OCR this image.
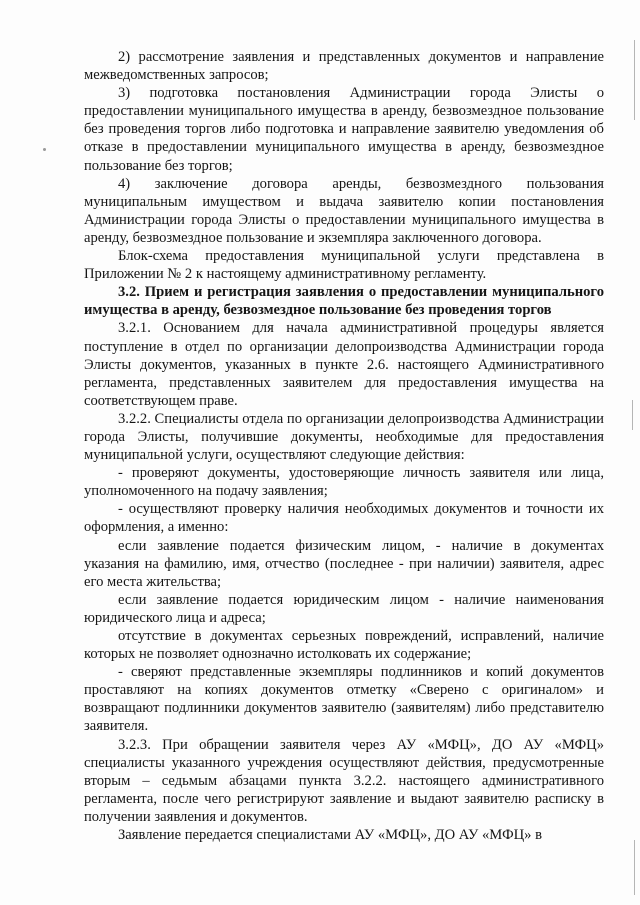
2) рассмотрение заявления и представленных документов и направление межведомственных запросов;

3) подготовка постановления Администрации города Элисты о предоставлении муниципального имущества в аренду, безвозмездное пользование без проведения торгов либо подготовка и направление заявителю уведомления об отказе в предоставлении муниципального имущества в аренду, безвозмездное пользование без торгов;

4) заключение договора аренды, безвозмездного пользования муниципальным имуществом и выдача заявителю копии постановления Администрации города Элисты о предоставлении муниципального имущества в аренду, безвозмездное пользование и экземпляра заключенного договора.

Блок-схема предоставления муниципальной услуги представлена в Приложении № 2 к настоящему административному регламенту.

3.2. Прием и регистрация заявления о предоставлении муниципального имущества в аренду, безвозмездное пользование без проведения торгов

3.2.1. Основанием для начала административной процедуры является поступление в отдел по организации делопроизводства Администрации города Элисты документов, указанных в пункте 2.6. настоящего Административного регламента, представленных заявителем для предоставления имущества на соответствующем праве.

3.2.2. Специалисты отдела по организации делопроизводства Администрации города Элисты, получившие документы, необходимые для предоставления муниципальной услуги, осуществляют следующие действия:

- проверяют документы, удостоверяющие личность заявителя или лица, уполномоченного на подачу заявления;

- осуществляют проверку наличия необходимых документов и точности их оформления, а именно:

если заявление подается физическим лицом, - наличие в документах указания на фамилию, имя, отчество (последнее - при наличии) заявителя, адрес его места жительства;

если заявление подается юридическим лицом - наличие наименования юридического лица и адреса;

отсутствие в документах серьезных повреждений, исправлений, наличие которых не позволяет однозначно истолковать их содержание;

- сверяют представленные экземпляры подлинников и копий документов проставляют на копиях документов отметку «Сверено с оригиналом» и возвращают подлинники документов заявителю (заявителям) либо представителю заявителя.

3.2.3. При обращении заявителя через АУ «МФЦ», ДО АУ «МФЦ» специалисты указанного учреждения осуществляют действия, предусмотренные вторым – седьмым абзацами пункта 3.2.2. настоящего административного регламента, после чего регистрируют заявление и выдают заявителю расписку в получении заявления и документов.

Заявление передается специалистами АУ «МФЦ», ДО АУ «МФЦ» в
